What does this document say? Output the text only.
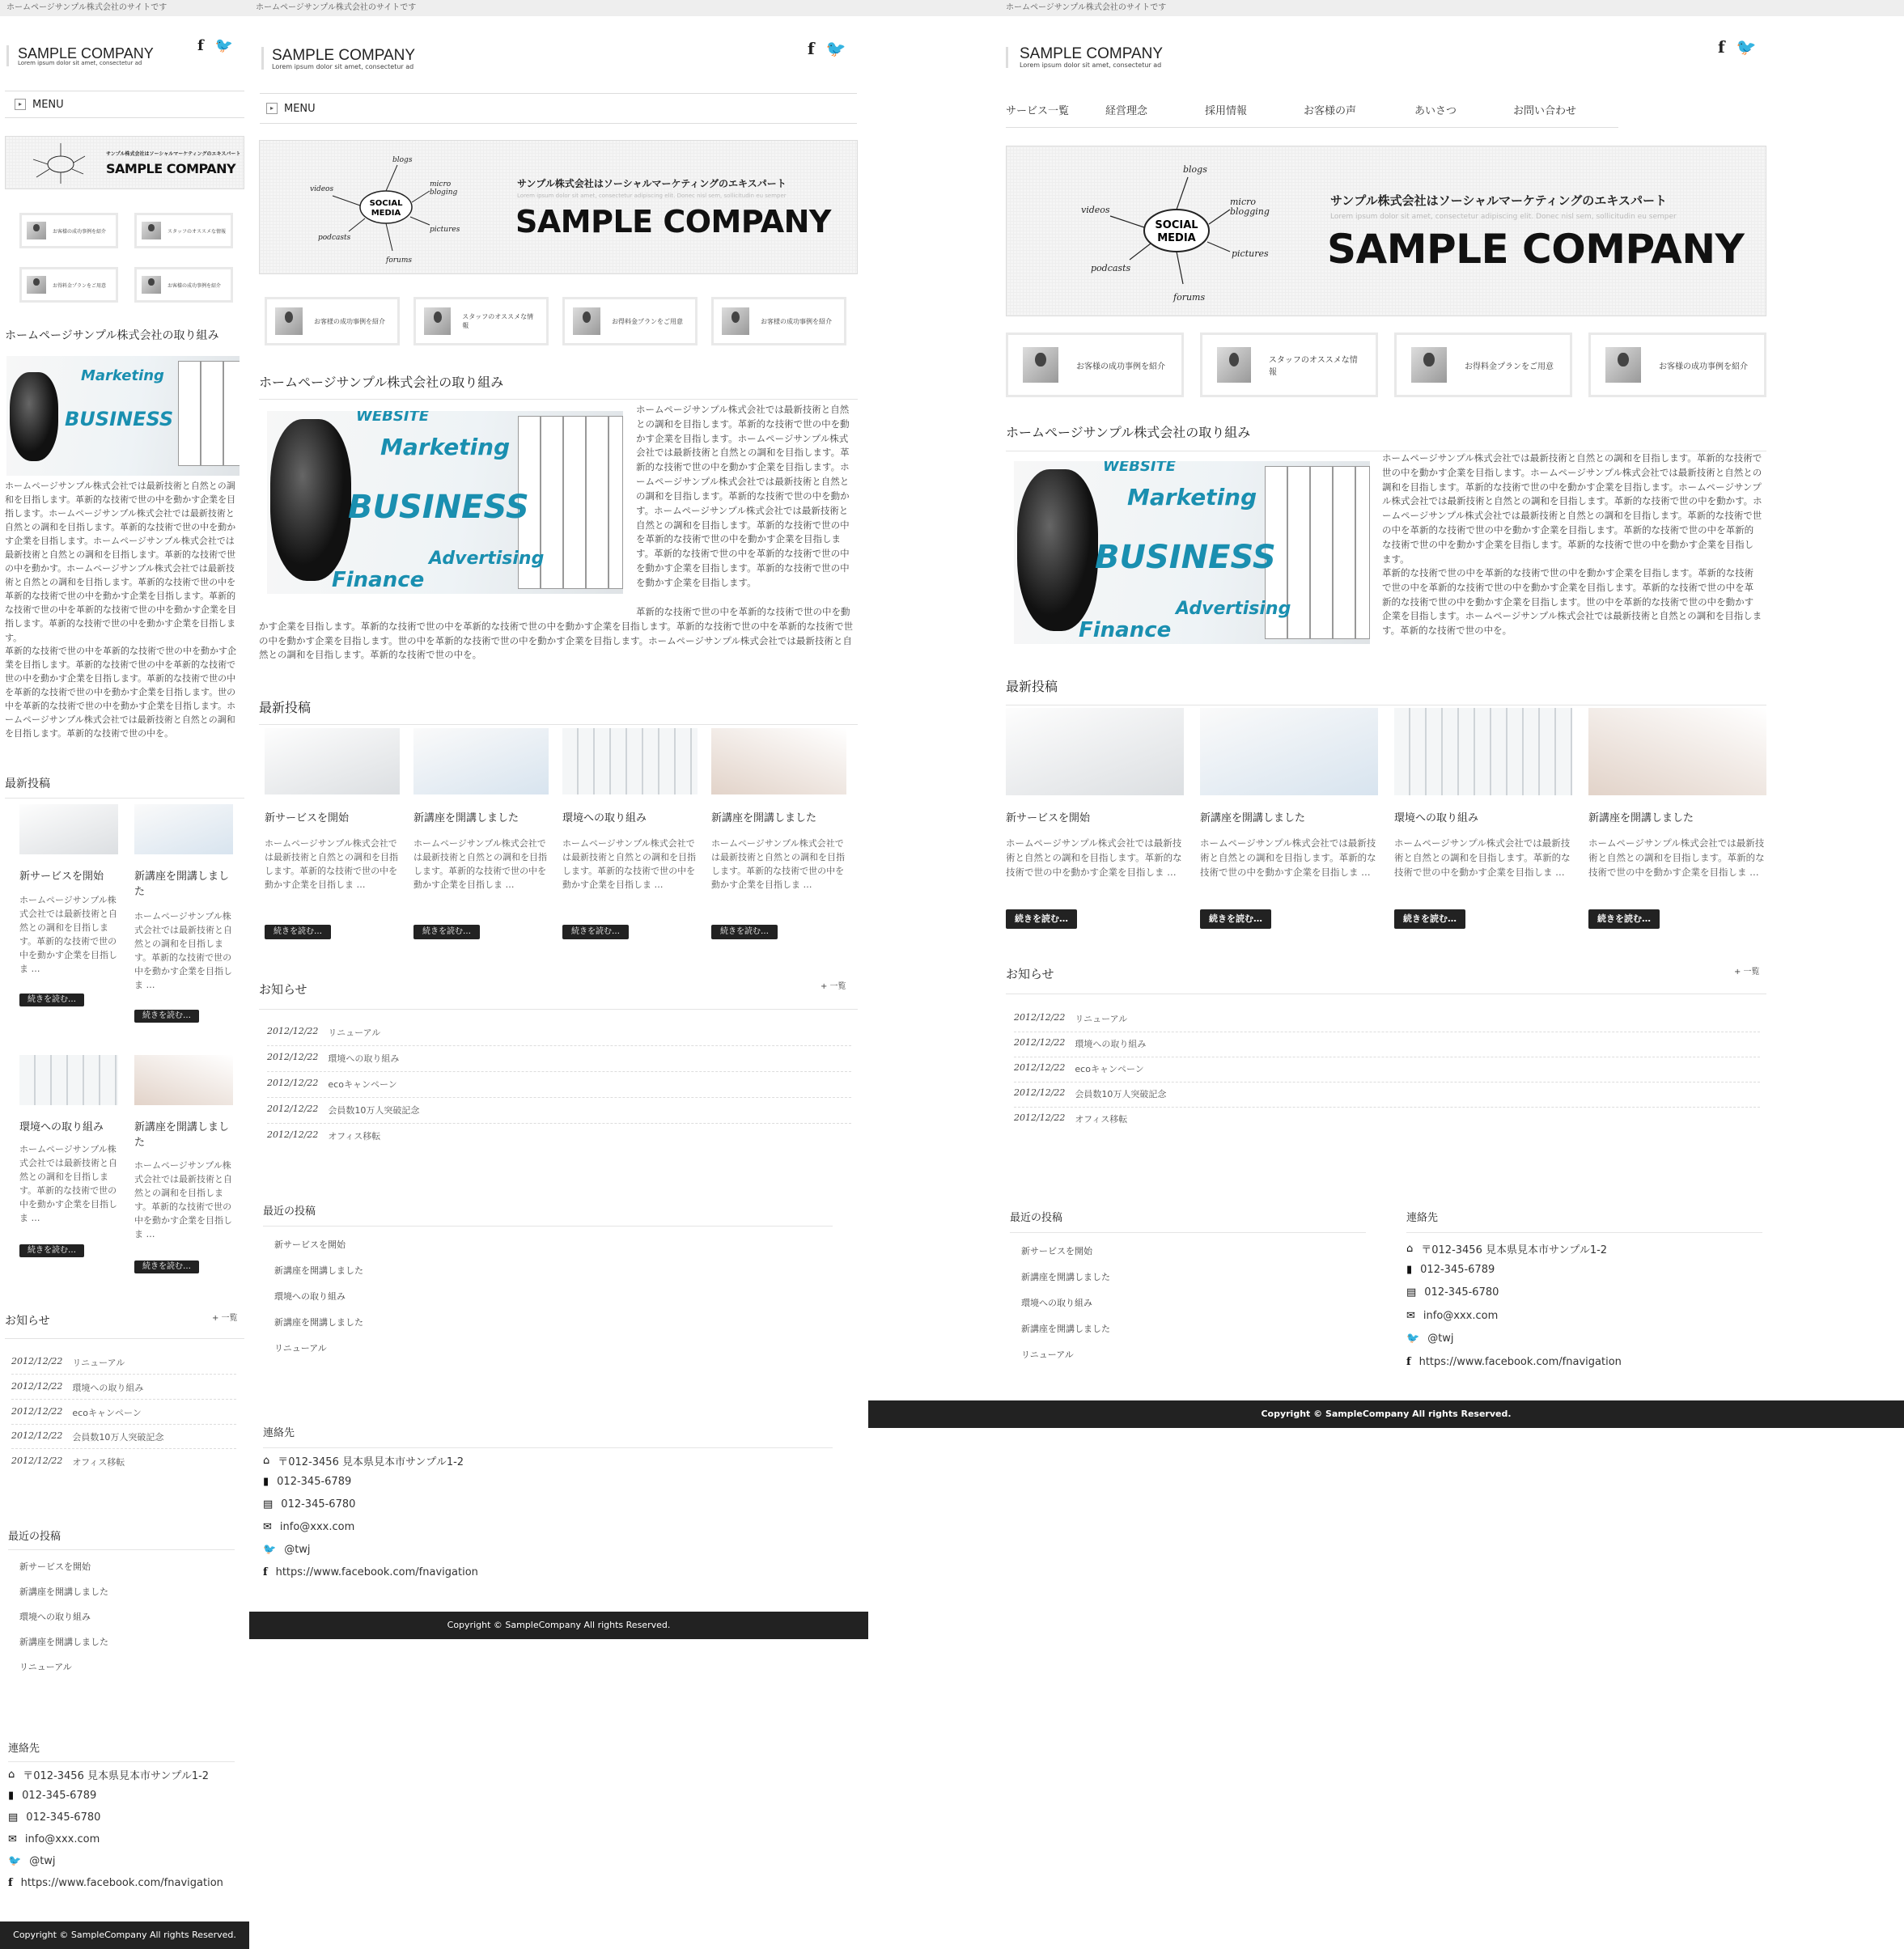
ホームページサンプル株式会社のサイトです
SAMPLE COMPANY
Lorem ipsum dolor sit amet, consectetur ad
f 🐦
▸	MENU
サンプル株式会社はソーシャルマーケティングのエキスパート
SAMPLE COMPANY
お客様の成功事例を紹介	スタッフのオススメな情報
お得料金プランをご用意	お客様の成功事例を紹介
ホームページサンプル株式会社の取り組み
Marketing
BUSINESS
ホームページサンプル株式会社では最新技術と自然との調和を目指します。革新的な技術で世の中を動かす企業を目指します。ホームページサンプル株式会社では最新技術と自然との調和を目指します。革新的な技術で世の中を動かす企業を目指します。ホームページサンプル株式会社では最新技術と自然との調和を目指します。革新的な技術で世の中を動かす。ホームページサンプル株式会社では最新技術と自然との調和を目指します。革新的な技術で世の中を革新的な技術で世の中を動かす企業を目指します。革新的な技術で世の中を革新的な技術で世の中を動かす企業を目指します。革新的な技術で世の中を動かす企業を目指します。
革新的な技術で世の中を革新的な技術で世の中を動かす企業を目指します。革新的な技術で世の中を革新的な技術で世の中を動かす企業を目指します。革新的な技術で世の中を革新的な技術で世の中を動かす企業を目指します。世の中を革新的な技術で世の中を動かす企業を目指します。ホームページサンプル株式会社では最新技術と自然との調和を目指します。革新的な技術で世の中を。
最新投稿
新サービスを開始
ホームページサンプル株式会社では最新技術と自然との調和を目指します。革新的な技術で世の中を動かす企業を目指しま …
続きを読む…
新講座を開講しました
ホームページサンプル株式会社では最新技術と自然との調和を目指します。革新的な技術で世の中を動かす企業を目指しま …
続きを読む…
環境への取り組み
ホームページサンプル株式会社では最新技術と自然との調和を目指します。革新的な技術で世の中を動かす企業を目指しま …
続きを読む…
新講座を開講しました
ホームページサンプル株式会社では最新技術と自然との調和を目指します。革新的な技術で世の中を動かす企業を目指しま …
続きを読む…
お知らせ	+ 一覧
2012/12/22 リニューアル
2012/12/22 環境への取り組み
2012/12/22 ecoキャンペーン
2012/12/22 会員数10万人突破記念
2012/12/22 オフィス移転
最近の投稿
新サービスを開始
新講座を開講しました
環境への取り組み
新講座を開講しました
リニューアル
連絡先
⌂ 〒012-3456 見本県見本市サンプル1-2
▮ 012-345-6789
▤ 012-345-6780
✉ info@xxx.com
🐦 @twj
f https://www.facebook.com/fnavigation
Copyright © SampleCompany All rights Reserved.
ホームページサンプル株式会社のサイトです
SAMPLE COMPANY
Lorem ipsum dolor sit amet, consectetur ad
f 🐦
▸	MENU
SOCIAL
MEDIA
blogs
videos
micro
bloging
podcasts
pictures
forums
サンプル株式会社はソーシャルマーケティングのエキスパート
Lorem ipsum dolor sit amet, consectetur adipiscing elit. Donec nisl sem, sollicitudin eu semper
SAMPLE COMPANY
お客様の成功事例を紹介
スタッフのオススメな情報
お得料金プランをご用意	お客様の成功事例を紹介
ホームページサンプル株式会社の取り組み
WEBSITE
Marketing
BUSINESS
Advertising
Finance
ホームページサンプル株式会社では最新技術と自然との調和を目指します。革新的な技術で世の中を動かす企業を目指します。ホームページサンプル株式会社では最新技術と自然との調和を目指します。革新的な技術で世の中を動かす企業を目指します。ホームページサンプル株式会社では最新技術と自然との調和を目指します。革新的な技術で世の中を動かす。ホームページサンプル株式会社では最新技術と自然との調和を目指します。革新的な技術で世の中を革新的な技術で世の中を動かす企業を目指します。革新的な技術で世の中を革新的な技術で世の中を動かす企業を目指します。革新的な技術で世の中を動かす企業を目指します。
革新的な技術で世の中を革新的な技術で世の中を動かす企業を目指します。革新的な技術で世の中を革新的な技術で世の中を動かす企業を目指します。革新的な技術で世の中を革新的な技術で世の中を動かす企業を目指します。世の中を革新的な技術で世の中を動かす企業を目指します。ホームページサンプル株式会社では最新技術と自然との調和を目指します。革新的な技術で世の中を。
最新投稿
新サービスを開始	新講座を開講しました	環境への取り組み	新講座を開講しました
ホームページサンプル株式会社では最新技術と自然との調和を目指します。革新的な技術で世の中を動かす企業を目指しま …
ホームページサンプル株式会社では最新技術と自然との調和を目指します。革新的な技術で世の中を動かす企業を目指しま …
ホームページサンプル株式会社では最新技術と自然との調和を目指します。革新的な技術で世の中を動かす企業を目指しま …
ホームページサンプル株式会社では最新技術と自然との調和を目指します。革新的な技術で世の中を動かす企業を目指しま …
続きを読む…	続きを読む…	続きを読む…	続きを読む…
お知らせ	+ 一覧
2012/12/22 リニューアル
2012/12/22 環境への取り組み
2012/12/22 ecoキャンペーン
2012/12/22 会員数10万人突破記念
2012/12/22 オフィス移転
最近の投稿
新サービスを開始
新講座を開講しました
環境への取り組み
新講座を開講しました
リニューアル
連絡先
⌂ 〒012-3456 見本県見本市サンプル1-2
▮ 012-345-6789
▤ 012-345-6780
✉ info@xxx.com
🐦 @twj
f https://www.facebook.com/fnavigation
Copyright © SampleCompany All rights Reserved.
ホームページサンプル株式会社のサイトです
SAMPLE COMPANY
Lorem ipsum dolor sit amet, consectetur ad
f 🐦
サービス一覧	経営理念	採用情報	お客様の声	あいさつ	お問い合わせ
SOCIAL
MEDIA
blogs
videos
micro
blogging
podcasts
pictures
forums
サンプル株式会社はソーシャルマーケティングのエキスパート
Lorem ipsum dolor sit amet, consectetur adipiscing elit. Donec nisl sem, sollicitudin eu semper
SAMPLE COMPANY
お客様の成功事例を紹介
スタッフのオススメな情報
お得料金プランをご用意	お客様の成功事例を紹介
ホームページサンプル株式会社の取り組み
WEBSITE
Marketing
BUSINESS
Advertising
Finance
ホームページサンプル株式会社では最新技術と自然との調和を目指します。革新的な技術で世の中を動かす企業を目指します。ホームページサンプル株式会社では最新技術と自然との調和を目指します。革新的な技術で世の中を動かす企業を目指します。ホームページサンプル株式会社では最新技術と自然との調和を目指します。革新的な技術で世の中を動かす。ホームページサンプル株式会社では最新技術と自然との調和を目指します。革新的な技術で世の中を革新的な技術で世の中を動かす企業を目指します。革新的な技術で世の中を革新的な技術で世の中を動かす企業を目指します。革新的な技術で世の中を動かす企業を目指します。
革新的な技術で世の中を革新的な技術で世の中を動かす企業を目指します。革新的な技術で世の中を革新的な技術で世の中を動かす企業を目指します。革新的な技術で世の中を革新的な技術で世の中を動かす企業を目指します。世の中を革新的な技術で世の中を動かす企業を目指します。ホームページサンプル株式会社では最新技術と自然との調和を目指します。革新的な技術で世の中を。
最新投稿
新サービスを開始	新講座を開講しました	環境への取り組み	新講座を開講しました
ホームページサンプル株式会社では最新技術と自然との調和を目指します。革新的な技術で世の中を動かす企業を目指しま …
ホームページサンプル株式会社では最新技術と自然との調和を目指します。革新的な技術で世の中を動かす企業を目指しま …
ホームページサンプル株式会社では最新技術と自然との調和を目指します。革新的な技術で世の中を動かす企業を目指しま …
ホームページサンプル株式会社では最新技術と自然との調和を目指します。革新的な技術で世の中を動かす企業を目指しま …
続きを読む…	続きを読む…	続きを読む…	続きを読む…
お知らせ	+ 一覧
2012/12/22 リニューアル
2012/12/22 環境への取り組み
2012/12/22 ecoキャンペーン
2012/12/22 会員数10万人突破記念
2012/12/22 オフィス移転
最近の投稿
新サービスを開始
新講座を開講しました
環境への取り組み
新講座を開講しました
リニューアル
連絡先
⌂ 〒012-3456 見本県見本市サンプル1-2
▮ 012-345-6789
▤ 012-345-6780
✉ info@xxx.com
🐦 @twj
f https://www.facebook.com/fnavigation
Copyright © SampleCompany All rights Reserved.
